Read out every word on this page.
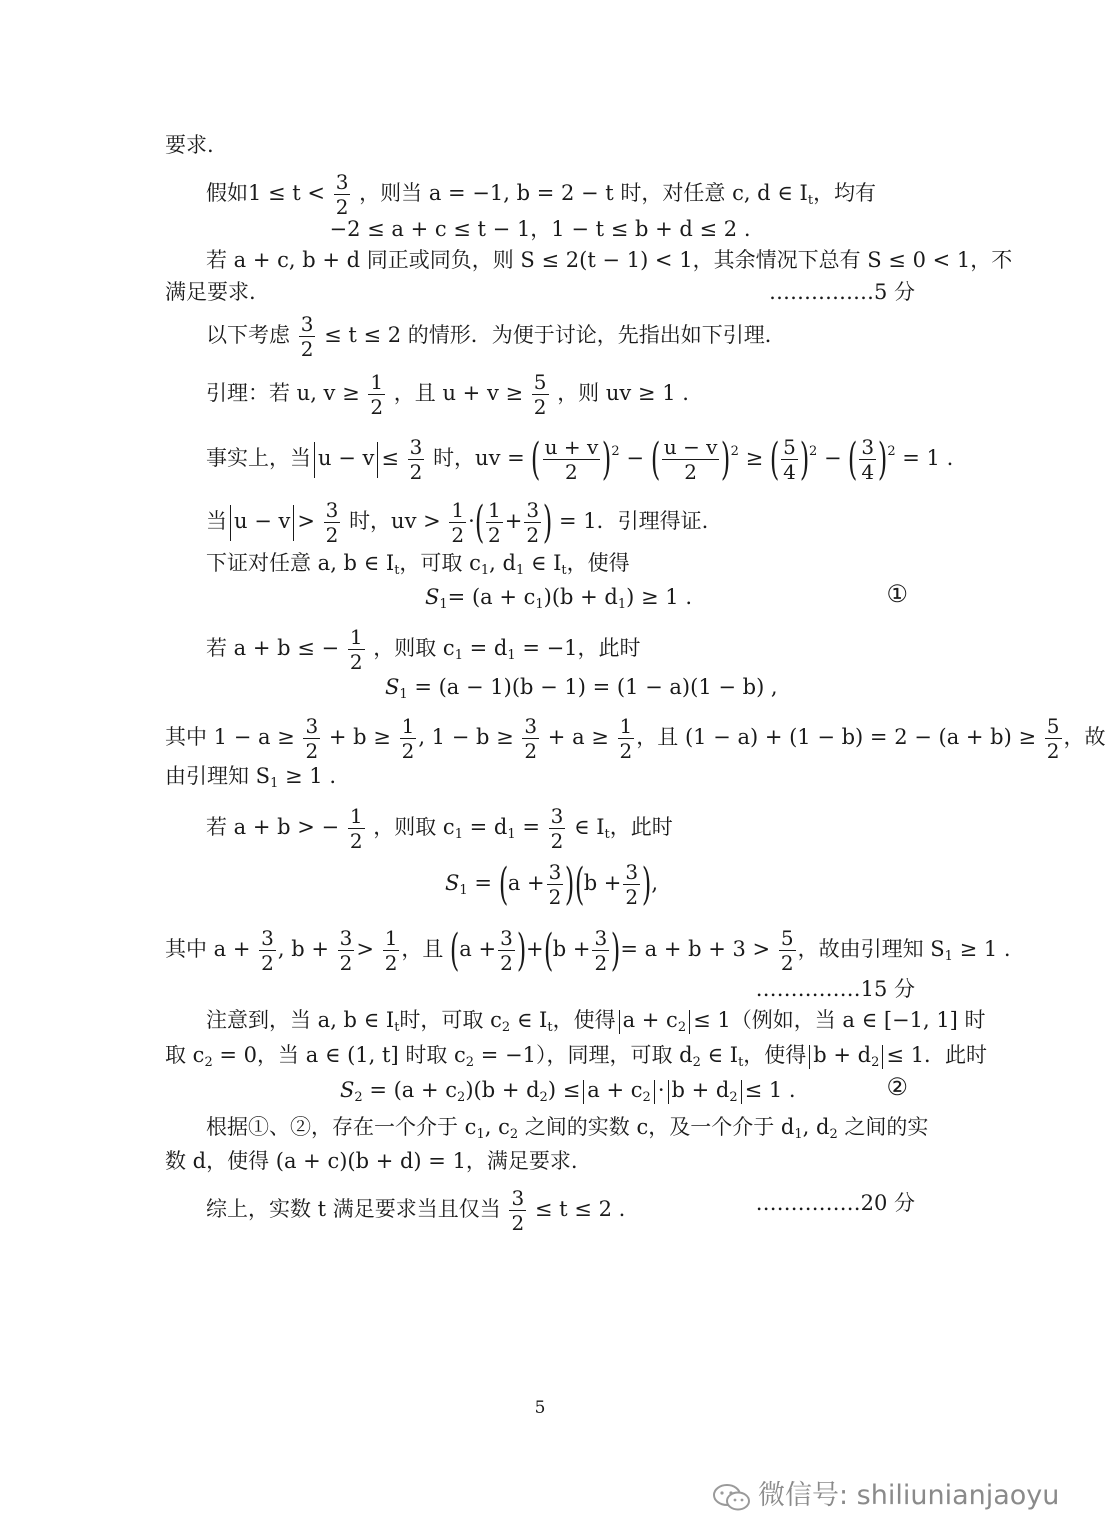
要求.
假如$1 \le t < \frac{3}{2}$ ，则当 a = −1, b = 2 − t 时，对任意 c, d ∈ $I_t$，均有
−2 ≤ a + c ≤ t − 1，1 − t ≤ b + d ≤ 2 .
若 a + c, b + d 同正或同负，则 S ≤ 2(t − 1) < 1，其余情况下总有 S ≤ 0 < 1，不
满足要求.	……………5 分
以下考虑 $\frac{3}{2} \le t \le 2$ 的情形．为便于讨论，先指出如下引理．
引理：若 u, $v \ge \frac{1}{2}$ ，且 $u + v \ge \frac{5}{2}$ ，则 uv ≥ 1 .
事实上，当 $u - v \le \frac{3}{2}$ 时，uv = ( $\frac{u + v}{2} )^2$ − ( $\frac{u - v}{2} )^2$ ≥ ( $\frac{5}{4} )^2$ − ( $\frac{3}{4} )^2 = 1$ .
当 $u - v > \frac{3}{2}$ 时，uv > $\frac{1}{2}$ ·( $\frac{1}{2} + \frac{3}{2}$ ) = 1．引理得证.
下证对任意 a, b ∈ $I_t$，可取 $c_1$, $d_1$ ∈ $I_t$，使得
$S_1= (a + c_1)(b + d_1) \ge 1$ .	①
若 a + b ≤ − $\frac{1}{2}$ ，则取 $c_1 = d_1 = -1$，此时
$S_1 = (a - 1)(b - 1) = (1 - a)(1 - b)$ ,
其中 $1 - a \ge \frac{3}{2} + b \ge \frac{1}{2}$ , $1 - b \ge \frac{3}{2} + a \ge \frac{1}{2}$ ，且 $(1 - a) + (1 - b) = 2 - (a + b) \ge \frac{5}{2}$ ，故
由引理知 $S_1 \ge 1$ .
若 a + b > − $\frac{1}{2}$ ，则取 $c_1 = d_1 = \frac{3}{2}$ ∈ $I_t$，此时
$S_1 = (a + \frac{3}{2} )(b + \frac{3}{2}$ ),
其中 $a + \frac{3}{2}$ , $b + \frac{3}{2} > \frac{1}{2}$ ，且 $(a + \frac{3}{2} )+(b + \frac{3}{2}$ )= $a + b + 3 > \frac{5}{2}$ ，故由引理知 $S_1 \ge 1$ .
……………15 分
注意到，当 a, b ∈ $I_t$时，可取 $c_2$ ∈ $I_t$，使得 $a + c_2 \le 1$（例如，当 a ∈ [−1, 1] 时
取 $c_2 = 0$，当 a ∈ (1, t] 时取 $c_2 = -1$），同理，可取 $d_2$ ∈ $I_t$，使得 $b + d_2 \le 1$．此时
$S_2 = (a + c_2)(b + d_2) \le a + c_2 \cdot b + d_2 \le 1$ .	②
根据①、②，存在一个介于 $c_1$, $c_2$ 之间的实数 c，及一个介于 $d_1$, $d_2$ 之间的实
数 d，使得 (a + c)(b + d) = 1，满足要求.
综上，实数 t 满足要求当且仅当 $\frac{3}{2} \le t \le 2$ .	……………20 分
5
微信号: shiliunianjaoyu
